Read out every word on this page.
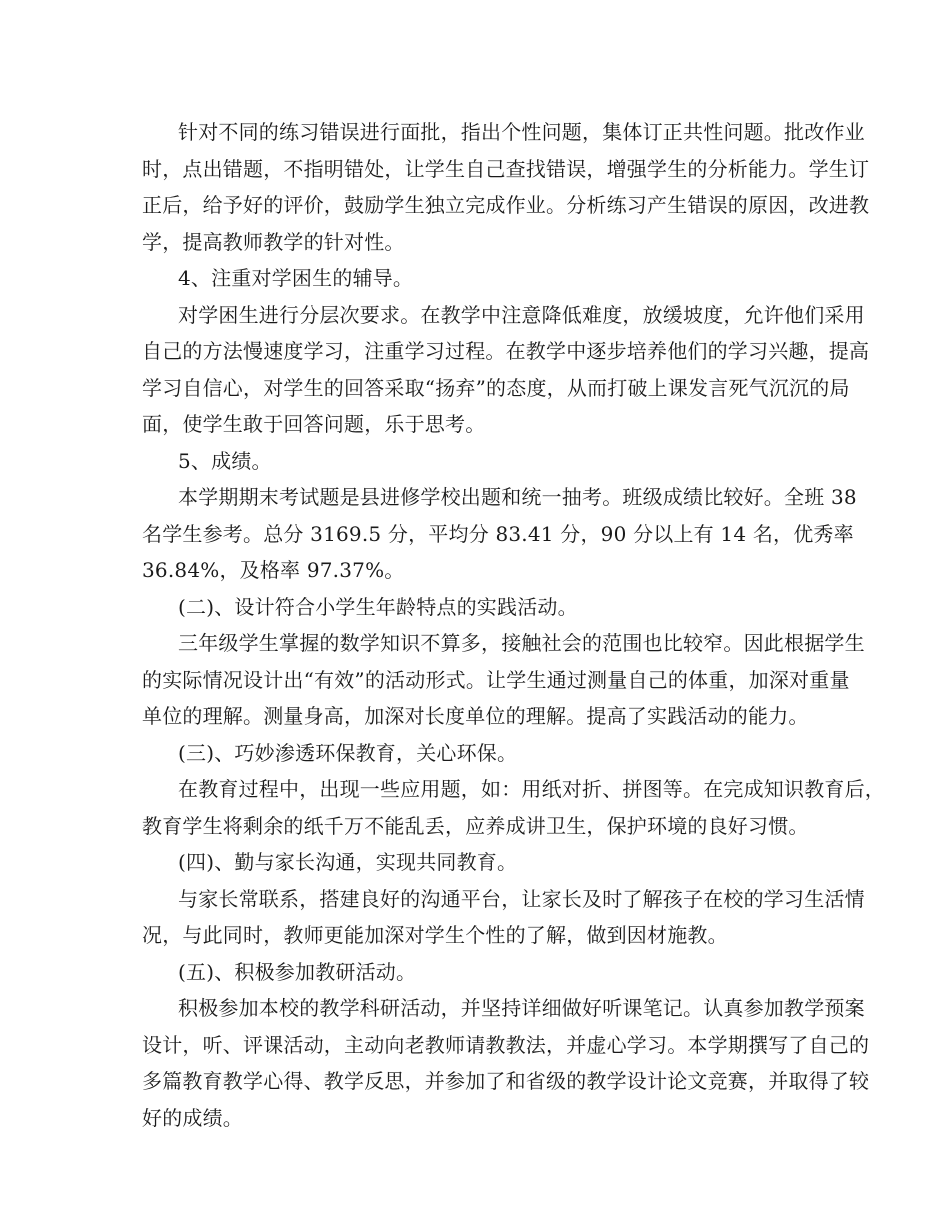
针对不同的练习错误进行面批，指出个性问题，集体订正共性问题。批改作业
时，点出错题，不指明错处，让学生自己查找错误，增强学生的分析能力。学生订
正后，给予好的评价，鼓励学生独立完成作业。分析练习产生错误的原因，改进教
学，提高教师教学的针对性。
4、注重对学困生的辅导。
对学困生进行分层次要求。在教学中注意降低难度，放缓坡度，允许他们采用
自己的方法慢速度学习，注重学习过程。在教学中逐步培养他们的学习兴趣，提高
学习自信心，对学生的回答采取“扬弃”的态度，从而打破上课发言死气沉沉的局
面，使学生敢于回答问题，乐于思考。
5、成绩。
本学期期末考试题是县进修学校出题和统一抽考。班级成绩比较好。全班 38
名学生参考。总分 3169.5 分，平均分 83.41 分，90 分以上有 14 名，优秀率
36.84%，及格率 97.37%。
(二)、设计符合小学生年龄特点的实践活动。
三年级学生掌握的数学知识不算多，接触社会的范围也比较窄。因此根据学生
的实际情况设计出“有效”的活动形式。让学生通过测量自己的体重，加深对重量
单位的理解。测量身高，加深对长度单位的理解。提高了实践活动的能力。
(三)、巧妙渗透环保教育，关心环保。
在教育过程中，出现一些应用题，如：用纸对折、拼图等。在完成知识教育后，
教育学生将剩余的纸千万不能乱丢，应养成讲卫生，保护环境的良好习惯。
(四)、勤与家长沟通，实现共同教育。
与家长常联系，搭建良好的沟通平台，让家长及时了解孩子在校的学习生活情
况，与此同时，教师更能加深对学生个性的了解，做到因材施教。
(五)、积极参加教研活动。
积极参加本校的教学科研活动，并坚持详细做好听课笔记。认真参加教学预案
设计，听、评课活动，主动向老教师请教教法，并虚心学习。本学期撰写了自己的
多篇教育教学心得、教学反思，并参加了和省级的教学设计论文竞赛，并取得了较
好的成绩。
